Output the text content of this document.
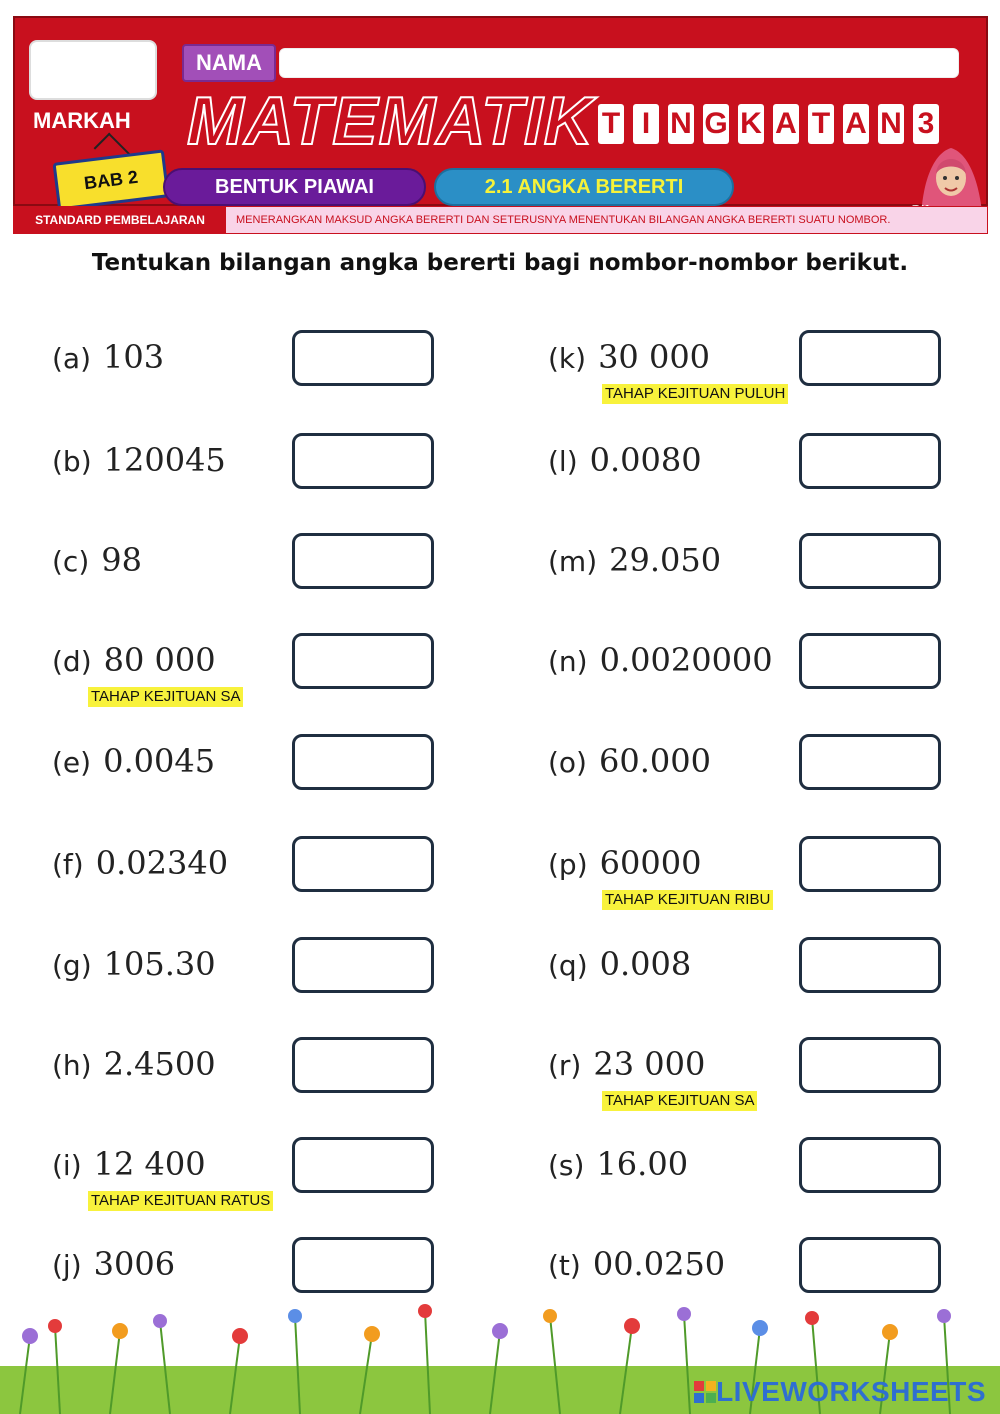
MARKAH
NAMA
MATEMATIK T I N G K A T A N 3
BAB 2	BENTUK PIAWAI	2.1 ANGKA BERERTI
STANDARD PEMBELAJARAN	MENERANGKAN MAKSUD ANGKA BERERTI DAN SETERUSNYA MENENTUKAN BILANGAN ANGKA BERERTI SUATU NOMBOR.
Tentukan bilangan angka bererti bagi nombor-nombor berikut.
(a) 103
(b) 120045
(c) 98
(d) 80 000
TAHAP KEJITUAN SA
(e) 0.0045
(f) 0.02340
(g) 105.30
(h) 2.4500
(i) 12 400
TAHAP KEJITUAN RATUS
(j) 3006
(k) 30 000
TAHAP KEJITUAN PULUH
(l) 0.0080
(m) 29.050
(n) 0.0020000
(o) 60.000
(p) 60000
TAHAP KEJITUAN RIBU
(q) 0.008
(r) 23 000
TAHAP KEJITUAN SA
(s) 16.00
(t) 00.0250
LIVEWORKSHEETS
